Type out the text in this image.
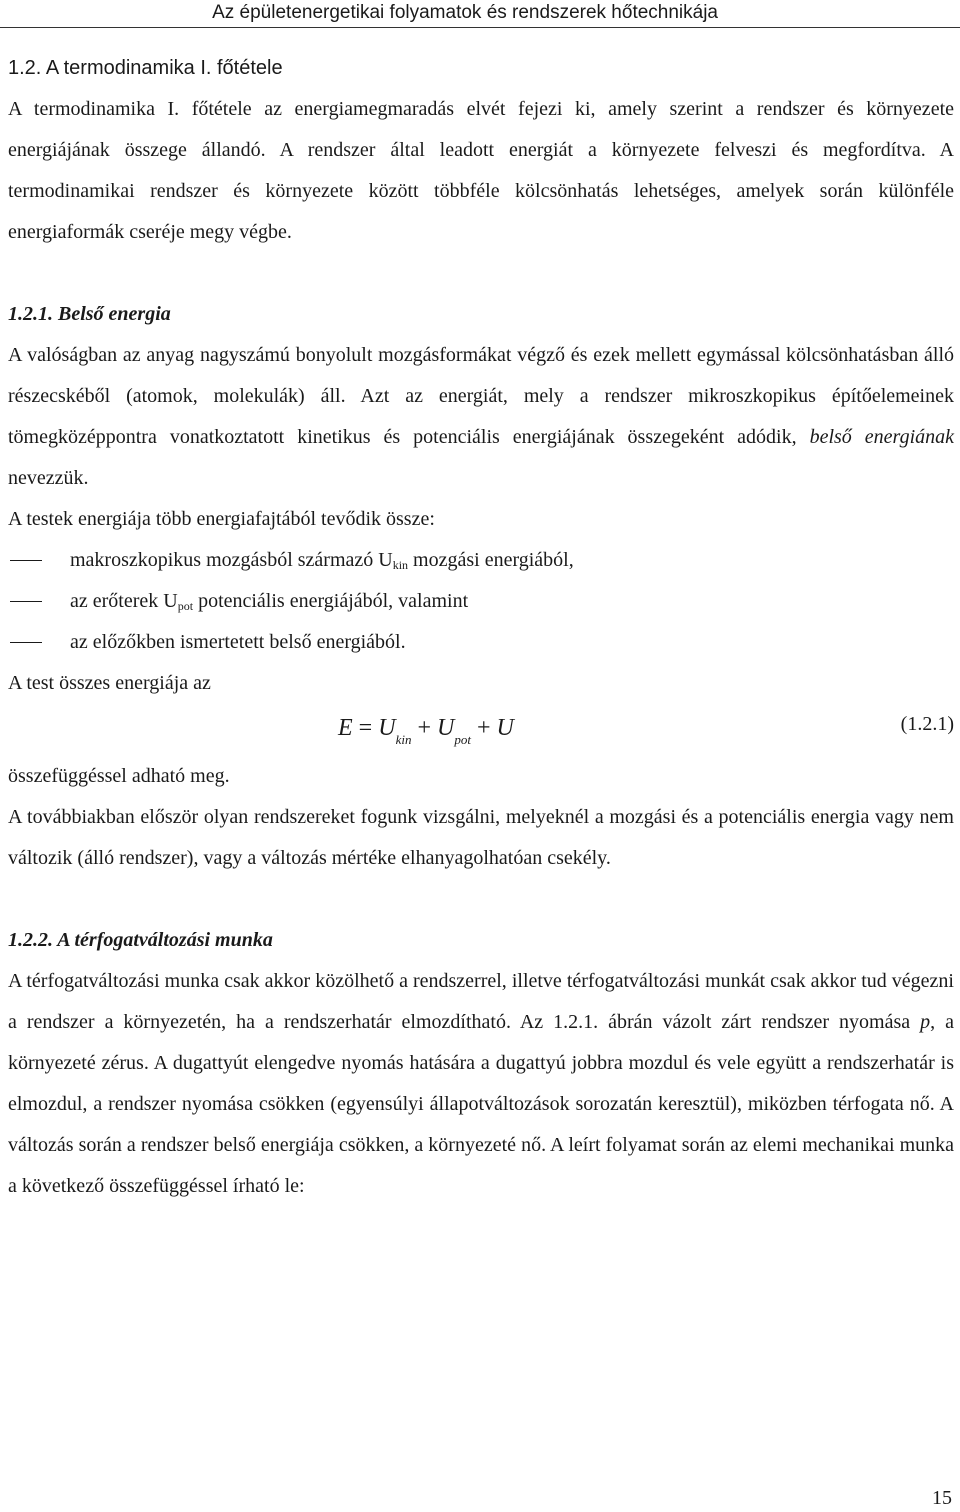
Az épületenergetikai folyamatok és rendszerek hőtechnikája
1.2. A termodinamika I. főtétele

A termodinamika I. főtétele az energiamegmaradás elvét fejezi ki, amely szerint a rendszer és környezete energiájának összege állandó. A rendszer által leadott energiát a környezete felveszi és megfordítva. A termodinamikai rendszer és környezete között többféle kölcsönhatás lehetséges, amelyek során különféle energiaformák cseréje megy végbe.

1.2.1. Belső energia

A valóságban az anyag nagyszámú bonyolult mozgásformákat végző és ezek mellett egymással kölcsönhatásban álló részecskéből (atomok, molekulák) áll. Azt az energiát, mely a rendszer mikroszkopikus építőelemeinek tömegközéppontra vonatkoztatott kinetikus és potenciális energiájának összegeként adódik, belső energiának nevezzük.

A testek energiája több energiafajtából tevődik össze:

makroszkopikus mozgásból származó $U_{kin}$ mozgási energiából,
az erőterek $U_{pot}$ potenciális energiájából, valamint
az előzőkben ismertetett belső energiából.

A test összes energiája az

$E = U_{kin} + U_{pot} + U$	(1.2.1)

összefüggéssel adható meg.

A továbbiakban először olyan rendszereket fogunk vizsgálni, melyeknél a mozgási és a potenciális energia vagy nem változik (álló rendszer), vagy a változás mértéke elhanyagolhatóan csekély.

1.2.2. A térfogatváltozási munka

A térfogatváltozási munka csak akkor közölhető a rendszerrel, illetve térfogatváltozási munkát csak akkor tud végezni a rendszer a környezetén, ha a rendszerhatár elmozdítható. Az 1.2.1. ábrán vázolt zárt rendszer nyomása p, a környezeté zérus. A dugattyút elengedve nyomás hatására a dugattyú jobbra mozdul és vele együtt a rendszerhatár is elmozdul, a rendszer nyomása csökken (egyensúlyi állapotváltozások sorozatán keresztül), miközben térfogata nő. A változás során a rendszer belső energiája csökken, a környezeté nő. A leírt folyamat során az elemi mechanikai munka a következő összefüggéssel írható le:

15
